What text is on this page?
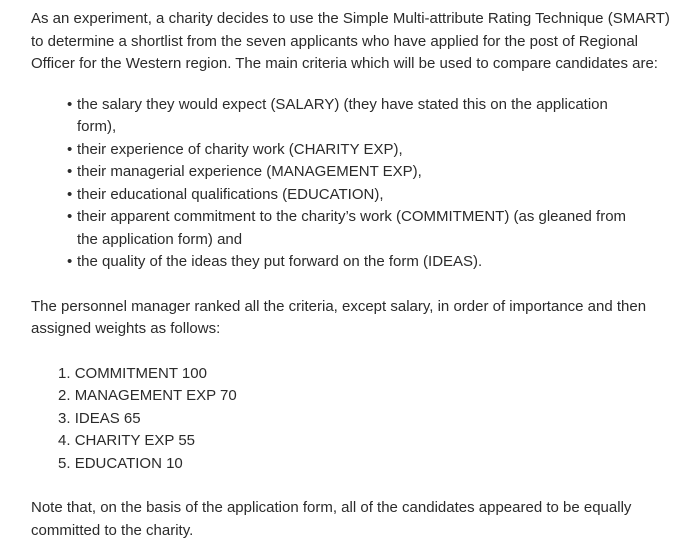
As an experiment, a charity decides to use the Simple Multi-attribute Rating Technique (SMART) to determine a shortlist from the seven applicants who have applied for the post of Regional Officer for the Western region. The main criteria which will be used to compare candidates are:

• the salary they would expect (SALARY) (they have stated this on the application form),
• their experience of charity work (CHARITY EXP),
• their managerial experience (MANAGEMENT EXP),
• their educational qualifications (EDUCATION),
• their apparent commitment to the charity’s work (COMMITMENT) (as gleaned from the application form) and
• the quality of the ideas they put forward on the form (IDEAS).

The personnel manager ranked all the criteria, except salary, in order of importance and then assigned weights as follows:

1. COMMITMENT 100
2. MANAGEMENT EXP 70
3. IDEAS 65
4. CHARITY EXP 55
5. EDUCATION 10

Note that, on the basis of the application form, all of the candidates appeared to be equally committed to the charity.
